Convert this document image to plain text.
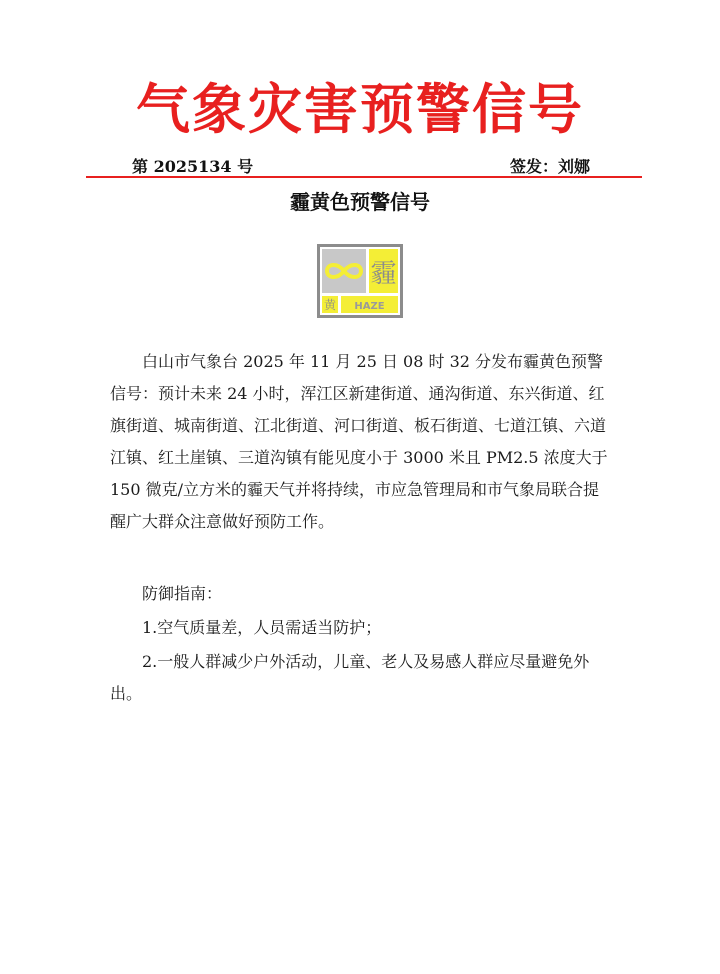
气象灾害预警信号
第 2025134 号	签发：刘娜
霾黄色预警信号
霾
黄 HAZE

白山市气象台 2025 年 11 月 25 日 08 时 32 分发布霾黄色预警信号：预计未来 24 小时，浑江区新建街道、通沟街道、东兴街道、红旗街道、城南街道、江北街道、河口街道、板石街道、七道江镇、六道江镇、红土崖镇、三道沟镇有能见度小于 3000 米且 PM2.5 浓度大于 150 微克/立方米的霾天气并将持续，市应急管理局和市气象局联合提醒广大群众注意做好预防工作。

防御指南：

1.空气质量差，人员需适当防护；

2.一般人群减少户外活动，儿童、老人及易感人群应尽量避免外出。
